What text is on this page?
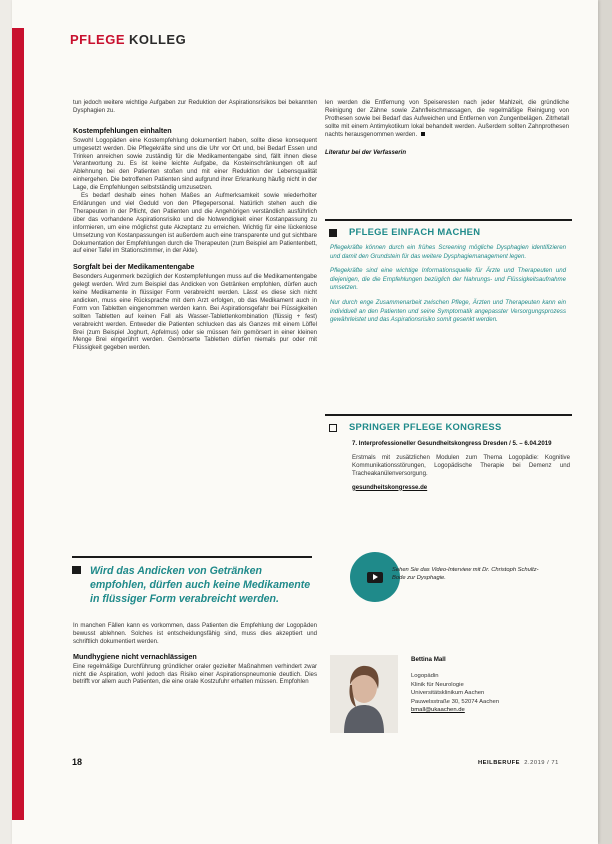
PFLEGE KOLLEG

tun jedoch weitere wichtige Aufgaben zur Reduktion der Aspirationsrisikos bei bekannten Dysphagien zu.

Kostempfehlungen einhalten

Sowohl Logopäden eine Kostempfehlung dokumentiert haben, sollte diese konsequent umgesetzt werden. Die Pflegekräfte sind uns die Uhr vor Ort und, bei Bedarf Essen und Trinken anreichen sowie zuständig für die Medikamentengabe sind, fällt ihnen diese Verantwortung zu. Es ist keine leichte Aufgabe, da Kosteinschränkungen oft auf Ablehnung bei den Patienten stoßen und mit einer Reduktion der Lebensqualität einhergehen. Die betroffenen Patienten sind aufgrund ihrer Erkrankung häufig nicht in der Lage, die Empfehlungen selbstständig umzusetzen.

Es bedarf deshalb eines hohen Maßes an Aufmerksamkeit sowie wiederholter Erklärungen und viel Geduld von den Pflegepersonal. Natürlich stehen auch die Therapeuten in der Pflicht, den Patienten und die Angehörigen verständlich ausführlich über das vorhandene Aspirationsrisiko und die Notwendigkeit einer Kostanpassung zu informieren, um eine möglichst gute Akzeptanz zu erreichen. Wichtig für eine lückenlose Umsetzung von Kostanpassungen ist außerdem auch eine transparente und gut sichtbare Dokumentation der Empfehlungen durch die Therapeuten (zum Beispiel am Patientenbett, auf einer Tafel im Stationszimmer, in der Akte).

Sorgfalt bei der Medikamentengabe

Besonders Augenmerk bezüglich der Kostempfehlungen muss auf die Medikamentengabe gelegt werden. Wird zum Beispiel das Andicken von Getränken empfohlen, dürfen auch keine Medikamente in flüssiger Form verabreicht werden. Lässt es diese sich nicht andicken, muss eine Rücksprache mit dem Arzt erfolgen, ob das Medikament auch in Form von Tabletten eingenommen werden kann. Bei Aspirationsgefahr bei Flüssigkeiten sollten Tabletten auf keinen Fall als Wasser-Tablettenkombination (flüssig + fest) verabreicht werden. Entweder die Patienten schlucken das als Ganzes mit einem Löffel Brei (zum Beispiel Joghurt, Apfelmus) oder sie müssen fein gemörsert in einer kleinen Menge Brei eingerührt werden. Gemörserte Tabletten dürfen niemals pur oder mit Flüssigkeit gegeben werden.

Wird das Andicken von Getränken empfohlen, dürfen auch keine Medikamente in flüssiger Form verabreicht werden.

In manchen Fällen kann es vorkommen, dass Patienten die Empfehlung der Logopäden bewusst ablehnen. Solches ist entscheidungsfähig sind, muss dies akzeptiert und schriftlich dokumentiert werden.

Mundhygiene nicht vernachlässigen

Eine regelmäßige Durchführung gründlicher oraler gezielter Maßnahmen verhindert zwar nicht die Aspiration, wohl jedoch das Risiko einer Aspirationspneumonie deutlich. Dies betrifft vor allem auch Patienten, die eine orale Kostzufuhr erhalten müssen. Empfohlen

len werden die Entfernung von Speiseresten nach jeder Mahlzeit, die gründliche Reinigung der Zähne sowie Zahnfleischmassagen, die regelmäßige Reinigung von Prothesen sowie bei Bedarf das Aufweichen und Entfernen von Zungenbelägen. Zitrhetall sollte mit einem Antimykotikum lokal behandelt werden. Außerdem sollten Zahnprothesen nachts herausgenommen werden.

Literatur bei der Verfasserin

PFLEGE EINFACH MACHEN

Pflegekräfte können durch ein frühes Screening mögliche Dysphagien identifizieren und damit den Grundstein für das weitere Dysphagiemanagement legen.

Pflegekräfte sind eine wichtige Informationsquelle für Ärzte und Therapeuten und diejenigen, die die Empfehlungen bezüglich der Nahrungs- und Flüssigkeitsaufnahme umsetzen.

Nur durch enge Zusammenarbeit zwischen Pflege, Ärzten und Therapeuten kann ein individuell an den Patienten und seine Symptomatik angepasster Versorgungsprozess gewährleistet und das Aspirationsrisiko somit gesenkt werden.

SPRINGER PFLEGE KONGRESS

7. Interprofessioneller Gesundheitskongress Dresden / 5. – 6.04.2019

Erstmals mit zusätzlichen Modulen zum Thema Logopädie: Kognitive Kommunikationsstörungen, Logopädische Therapie bei Demenz und Tracheakanülenversorgung.

gesundheitskongresse.de

Sehen Sie das Video-Interview mit Dr. Christoph Schultz-Bode zur Dysphagie.
Bettina Mall
Logopädin
Klinik für Neurologie
Universitätsklinikum Aachen
Pauwelsstraße 30, 52074 Aachen
bmall@ukaachen.de
18	HEILBERUFE 2.2019 / 71
